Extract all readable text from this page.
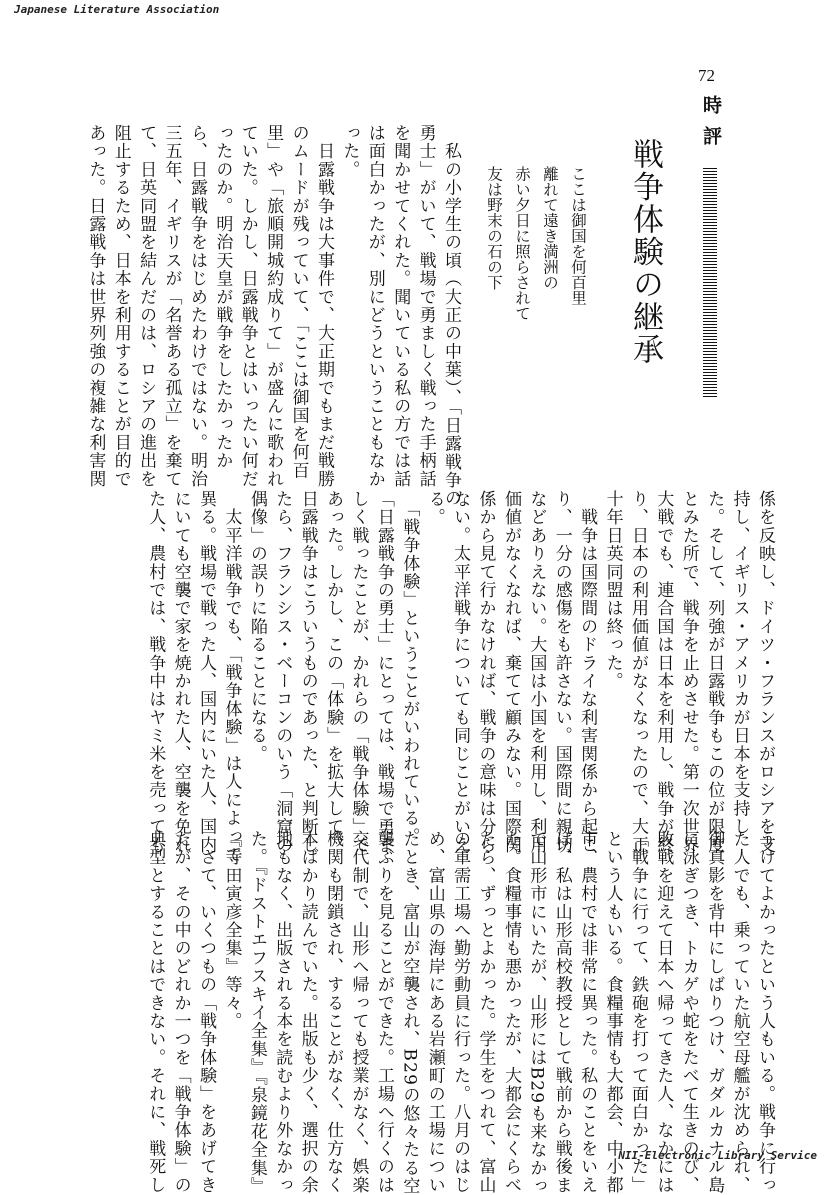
Japanese Literature Association
72
時評
戦争体験の継承

ここは御国を何百里

離れて遠き満洲の

赤い夕日に照らされて

友は野末の石の下

　私の小学生の頃（大正の中葉）、「日露戦争の

勇士」がいて、戦場で勇ましく戦った手柄話

を聞かせてくれた。聞いている私の方では話

は面白かったが、別にどうということもなか

った。

　日露戦争は大事件で、大正期でもまだ戦勝

のムードが残っていて、「ここは御国を何百

里」や「旅順開城約成りて」が盛んに歌われ

ていた。しかし、日露戦争とはいったい何だ

ったのか。明治天皇が戦争をしたかったか

ら、日露戦争をはじめたわけではない。明治

三五年、イギリスが「名誉ある孤立」を棄て

て、日英同盟を結んだのは、ロシアの進出を

阻止するため、日本を利用することが目的で

あった。日露戦争は世界列強の複雑な利害関

係を反映し、ドイツ・フランスがロシアを支

持し、イギリス・アメリカが日本を支持し

た。そして、列強が日露戦争もこの位が限度

とみた所で、戦争を止めさせた。第一次世界

大戦でも、連合国は日本を利用し、戦争が終

り、日本の利用価値がなくなったので、大正

十年日英同盟は終った。

　戦争は国際間のドライな利害関係から起こ

り、一分の感傷をも許さない。国際間に親切

などありえない。大国は小国を利用し、利用

価値がなくなれば、棄てて顧みない。国際関

係から見て行かなければ、戦争の意味は分ら

ない。太平洋戦争についても同じことがいえ

る。

　「戦争体験」ということがいわれている。

「日露戦争の勇士」にとっては、戦場で勇ま

しく戦ったことが、かれらの「戦争体験」で

あった。しかし、この「体験」を拡大して、

日露戦争はこういうものであった、と判断し

たら、フランシス・ベーコンのいう「洞窟の

偶像」の誤りに陥ることになる。

　太平洋戦争でも、「戦争体験」は人によって

異る。戦場で戦った人、国内にいた人、国内

にいても空襲で家を焼かれた人、空襲を免れ

た人、農村では、戦争中はヤミ米を売っても

うけてよかったという人もいる。戦争に行っ

た人でも、乗っていた航空母艦が沈められ、

御真影を背中にしばりつけ、ガダルカナル島

に泳ぎつき、トカゲや蛇をたべて生きのび、

敗戦を迎えて日本へ帰ってきた人、なかには

「戦争に行って、鉄砲を打って面白かった」

という人もいる。食糧事情も大都会、中小都

市、農村では非常に異った。私のことをいえ

ば、私は山形高校教授として戦前から戦後ま

で山形市にいたが、山形にはB29も来なかっ

た。食糧事情も悪かったが、大都会にくらべ

たら、ずっとよかった。学生をつれて、富山

の軍需工場へ勤労動員に行った。八月のはじ

め、富山県の海岸にある岩瀬町の工場につい

たとき、富山が空襲され、B29の悠々たる空

襲ぶりを見ることができた。工場へ行くのは

交代制で、山形へ帰っても授業がなく、娯楽

機関も閉鎖され、することがなく、仕方なく

本ばかり読んでいた。出版も少く、選択の余

地もなく、出版される本を読むより外なかっ

た。『ドストエフスキイ全集』『泉鏡花全集』

『寺田寅彦全集』等々。

　さて、いくつもの「戦争体験」をあげてき

たが、その中のどれか一つを「戦争体験」の

典型とすることはできない。それに、戦死し	NII-Electronic Library Service
